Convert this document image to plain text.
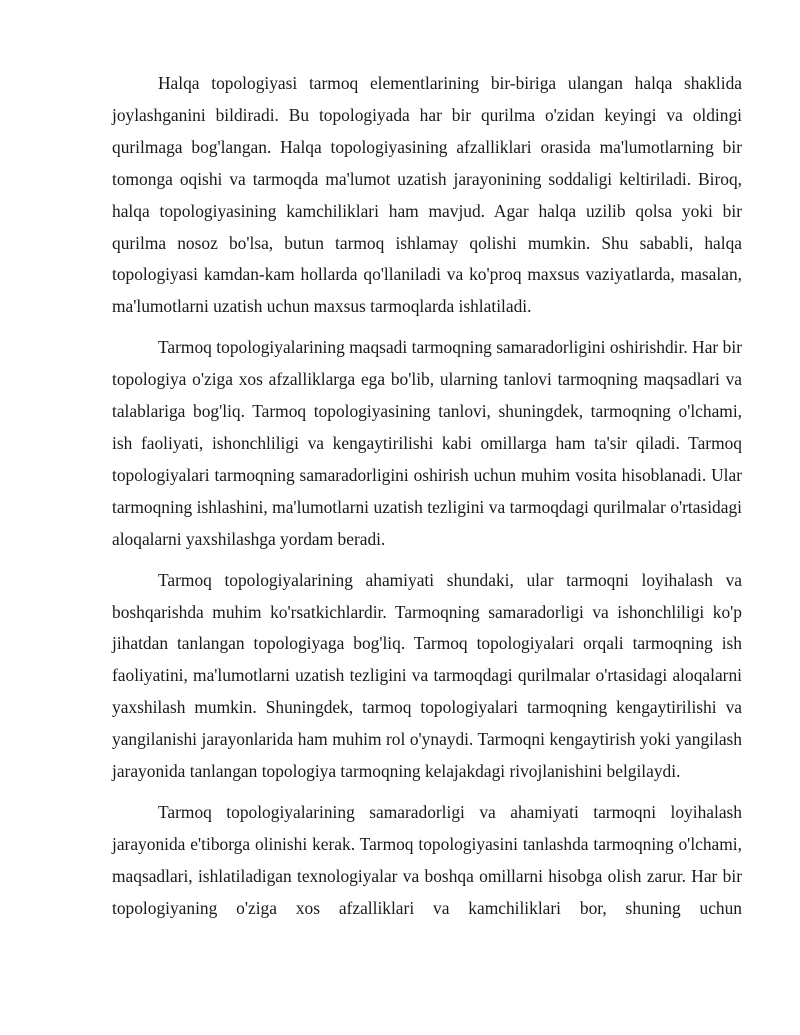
Halqa topologiyasi tarmoq elementlarining bir-biriga ulangan halqa shaklida joylashganini bildiradi. Bu topologiyada har bir qurilma o'zidan keyingi va oldingi qurilmaga bog'langan. Halqa topologiyasining afzalliklari orasida ma'lumotlarning bir tomonga oqishi va tarmoqda ma'lumot uzatish jarayonining soddaligi keltiriladi. Biroq, halqa topologiyasining kamchiliklari ham mavjud. Agar halqa uzilib qolsa yoki bir qurilma nosoz bo'lsa, butun tarmoq ishlamay qolishi mumkin. Shu sababli, halqa topologiyasi kamdan-kam hollarda qo'llaniladi va ko'proq maxsus vaziyatlarda, masalan, ma'lumotlarni uzatish uchun maxsus tarmoqlarda ishlatiladi.

Tarmoq topologiyalarining maqsadi tarmoqning samaradorligini oshirishdir. Har bir topologiya o'ziga xos afzalliklarga ega bo'lib, ularning tanlovi tarmoqning maqsadlari va talablariga bog'liq. Tarmoq topologiyasining tanlovi, shuningdek, tarmoqning o'lchami, ish faoliyati, ishonchliligi va kengaytirilishi kabi omillarga ham ta'sir qiladi. Tarmoq topologiyalari tarmoqning samaradorligini oshirish uchun muhim vosita hisoblanadi. Ular tarmoqning ishlashini, ma'lumotlarni uzatish tezligini va tarmoqdagi qurilmalar o'rtasidagi aloqalarni yaxshilashga yordam beradi.

Tarmoq topologiyalarining ahamiyati shundaki, ular tarmoqni loyihalash va boshqarishda muhim ko'rsatkichlardir. Tarmoqning samaradorligi va ishonchliligi ko'p jihatdan tanlangan topologiyaga bog'liq. Tarmoq topologiyalari orqali tarmoqning ish faoliyatini, ma'lumotlarni uzatish tezligini va tarmoqdagi qurilmalar o'rtasidagi aloqalarni yaxshilash mumkin. Shuningdek, tarmoq topologiyalari tarmoqning kengaytirilishi va yangilanishi jarayonlarida ham muhim rol o'ynaydi. Tarmoqni kengaytirish yoki yangilash jarayonida tanlangan topologiya tarmoqning kelajakdagi rivojlanishini belgilaydi.

Tarmoq topologiyalarining samaradorligi va ahamiyati tarmoqni loyihalash jarayonida e'tiborga olinishi kerak. Tarmoq topologiyasini tanlashda tarmoqning o'lchami, maqsadlari, ishlatiladigan texnologiyalar va boshqa omillarni hisobga olish zarur. Har bir topologiyaning o'ziga xos afzalliklari va kamchiliklari bor, shuning uchun
